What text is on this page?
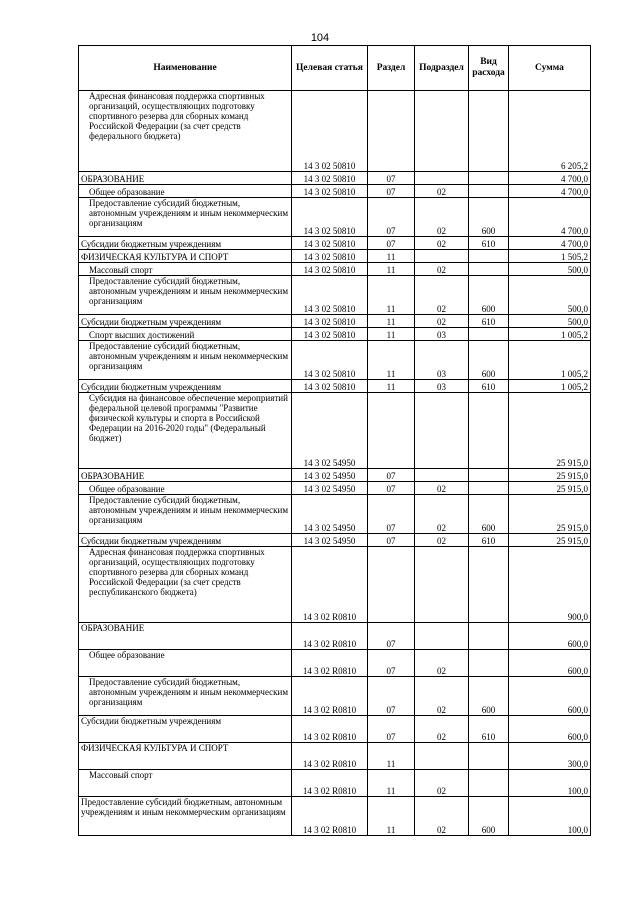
104
Наименование	Целевая статья	Раздел	Подраздел	Вид расхода	Сумма
Адресная финансовая поддержка спортивных организаций, осуществляющих подготовку спортивного резерва для сборных команд Российской Федерации (за счет средств федерального бюджета)	14 3 02 50810				6 205,2
ОБРАЗОВАНИЕ	14 3 02 50810	07			4 700,0
Общее образование	14 3 02 50810	07	02		4 700,0
Предоставление субсидий бюджетным, автономным учреждениям и иным некоммерческим организациям	14 3 02 50810	07	02	600	4 700,0
Субсидии бюджетным учреждениям	14 3 02 50810	07	02	610	4 700,0
ФИЗИЧЕСКАЯ КУЛЬТУРА И СПОРТ	14 3 02 50810	11			1 505,2
Массовый спорт	14 3 02 50810	11	02		500,0
Предоставление субсидий бюджетным, автономным учреждениям и иным некоммерческим организациям	14 3 02 50810	11	02	600	500,0
Субсидии бюджетным учреждениям	14 3 02 50810	11	02	610	500,0
Спорт высших достижений	14 3 02 50810	11	03		1 005,2
Предоставление субсидий бюджетным, автономным учреждениям и иным некоммерческим организациям	14 3 02 50810	11	03	600	1 005,2
Субсидии бюджетным учреждениям	14 3 02 50810	11	03	610	1 005,2
Субсидия на финансовое обеспечение мероприятий федеральной целевой программы "Развитие физической культуры и спорта в Российской Федерации на 2016-2020 годы" (Федеральный бюджет)	14 3 02 54950				25 915,0
ОБРАЗОВАНИЕ	14 3 02 54950	07			25 915,0
Общее образование	14 3 02 54950	07	02		25 915,0
Предоставление субсидий бюджетным, автономным учреждениям и иным некоммерческим организациям	14 3 02 54950	07	02	600	25 915,0
Субсидии бюджетным учреждениям	14 3 02 54950	07	02	610	25 915,0
Адресная финансовая поддержка спортивных организаций, осуществляющих подготовку спортивного резерва для сборных команд Российской Федерации (за счет средств республиканского бюджета)	14 3 02 R0810				900,0
ОБРАЗОВАНИЕ	14 3 02 R0810	07			600,0
Общее образование	14 3 02 R0810	07	02		600,0
Предоставление субсидий бюджетным, автономным учреждениям и иным некоммерческим организациям	14 3 02 R0810	07	02	600	600,0
Субсидии бюджетным учреждениям	14 3 02 R0810	07	02	610	600,0
ФИЗИЧЕСКАЯ КУЛЬТУРА И СПОРТ	14 3 02 R0810	11			300,0
Массовый спорт	14 3 02 R0810	11	02		100,0
Предоставление субсидий бюджетным, автономным учреждениям и иным некоммерческим организациям	14 3 02 R0810	11	02	600	100,0
